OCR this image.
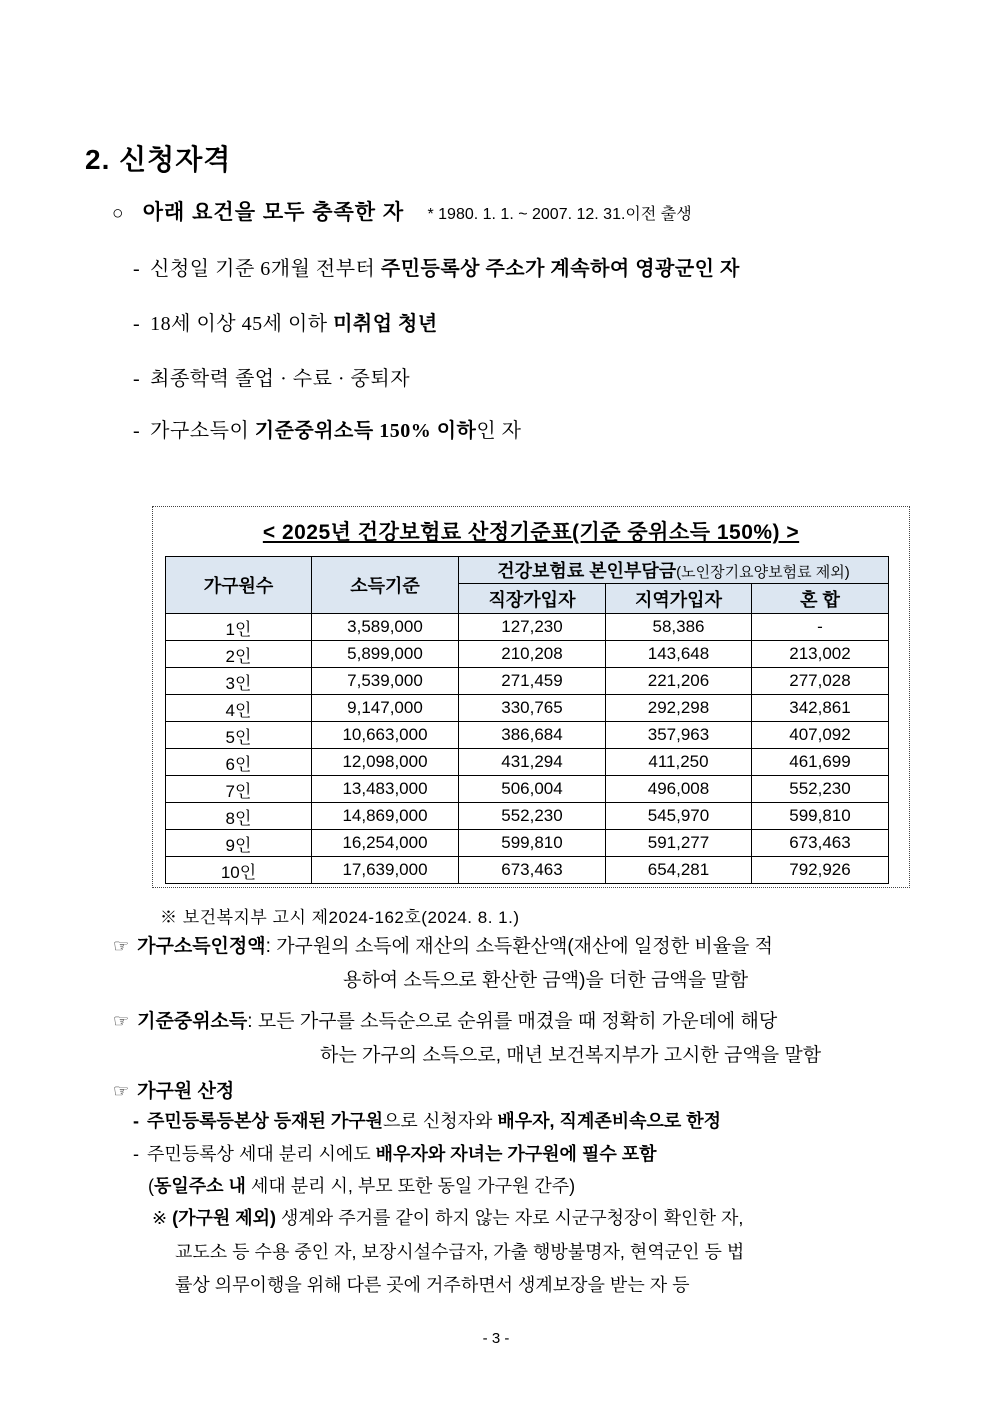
2. 신청자격
○ 아래 요건을 모두 충족한 자 * 1980. 1. 1. ~ 2007. 12. 31.이전 출생
- 신청일 기준 6개월 전부터 주민등록상 주소가 계속하여 영광군인 자
- 18세 이상 45세 이하 미취업 청년
- 최종학력 졸업 · 수료 · 중퇴자
- 가구소득이 기준중위소득 150% 이하인 자
< 2025년 건강보험료 산정기준표(기준 중위소득 150%) >
가구원수	소득기준	건강보험료 본인부담금(노인장기요양보험료 제외)		
		직장가입자	지역가입자	혼 합
1인	3,589,000	127,230	58,386	-
2인	5,899,000	210,208	143,648	213,002
3인	7,539,000	271,459	221,206	277,028
4인	9,147,000	330,765	292,298	342,861
5인	10,663,000	386,684	357,963	407,092
6인	12,098,000	431,294	411,250	461,699
7인	13,483,000	506,004	496,008	552,230
8인	14,869,000	552,230	545,970	599,810
9인	16,254,000	599,810	591,277	673,463
10인	17,639,000	673,463	654,281	792,926
※ 보건복지부 고시 제2024-162호(2024. 8. 1.)
☞ 가구소득인정액: 가구원의 소득에 재산의 소득환산액(재산에 일정한 비율을 적
용하여 소득으로 환산한 금액)을 더한 금액을 말함
☞ 기준중위소득: 모든 가구를 소득순으로 순위를 매겼을 때 정확히 가운데에 해당
하는 가구의 소득으로, 매년 보건복지부가 고시한 금액을 말함
☞ 가구원 산정
- 주민등록등본상 등재된 가구원으로 신청자와 배우자, 직계존비속으로 한정
- 주민등록상 세대 분리 시에도 배우자와 자녀는 가구원에 필수 포함
(동일주소 내 세대 분리 시, 부모 또한 동일 가구원 간주)
※ (가구원 제외) 생계와 주거를 같이 하지 않는 자로 시군구청장이 확인한 자,
교도소 등 수용 중인 자, 보장시설수급자, 가출 행방불명자, 현역군인 등 법
률상 의무이행을 위해 다른 곳에 거주하면서 생계보장을 받는 자 등
- 3 -
